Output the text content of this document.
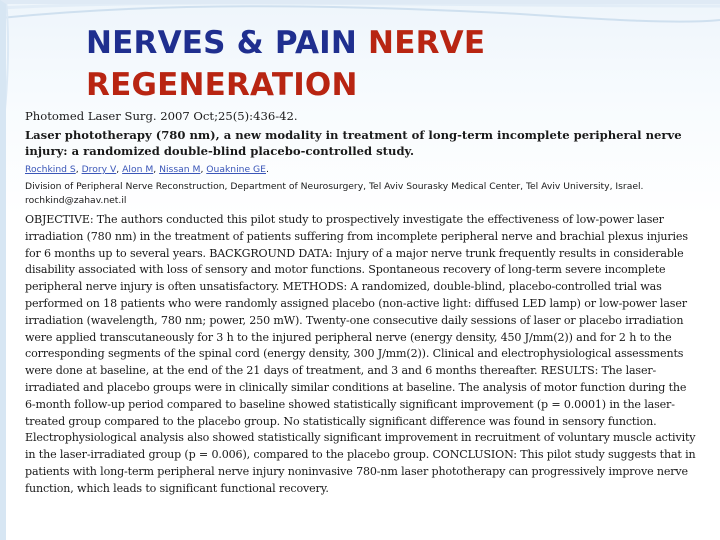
NERVES & PAIN NERVE REGENERATION

Photomed Laser Surg. 2007 Oct;25(5):436-42.

Laser phototherapy (780 nm), a new modality in treatment of long-term incomplete peripheral nerve injury: a randomized double-blind placebo-controlled study.

Rochkind S, Drory V, Alon M, Nissan M, Ouaknine GE.

Division of Peripheral Nerve Reconstruction, Department of Neurosurgery, Tel Aviv Sourasky Medical Center, Tel Aviv University, Israel. rochkind@zahav.net.il

OBJECTIVE: The authors conducted this pilot study to prospectively investigate the effectiveness of low-power laser irradiation (780 nm) in the treatment of patients suffering from incomplete peripheral nerve and brachial plexus injuries for 6 months up to several years. BACKGROUND DATA: Injury of a major nerve trunk frequently results in considerable disability associated with loss of sensory and motor functions. Spontaneous recovery of long-term severe incomplete peripheral nerve injury is often unsatisfactory. METHODS: A randomized, double-blind, placebo-controlled trial was performed on 18 patients who were randomly assigned placebo (non-active light: diffused LED lamp) or low-power laser irradiation (wavelength, 780 nm; power, 250 mW). Twenty-one consecutive daily sessions of laser or placebo irradiation were applied transcutaneously for 3 h to the injured peripheral nerve (energy density, 450 J/mm(2)) and for 2 h to the corresponding segments of the spinal cord (energy density, 300 J/mm(2)). Clinical and electrophysiological assessments were done at baseline, at the end of the 21 days of treatment, and 3 and 6 months thereafter. RESULTS: The laser-irradiated and placebo groups were in clinically similar conditions at baseline. The analysis of motor function during the 6-month follow-up period compared to baseline showed statistically significant improvement (p = 0.0001) in the laser-treated group compared to the placebo group. No statistically significant difference was found in sensory function. Electrophysiological analysis also showed statistically significant improvement in recruitment of voluntary muscle activity in the laser-irradiated group (p = 0.006), compared to the placebo group. CONCLUSION: This pilot study suggests that in patients with long-term peripheral nerve injury noninvasive 780-nm laser phototherapy can progressively improve nerve function, which leads to significant functional recovery.
